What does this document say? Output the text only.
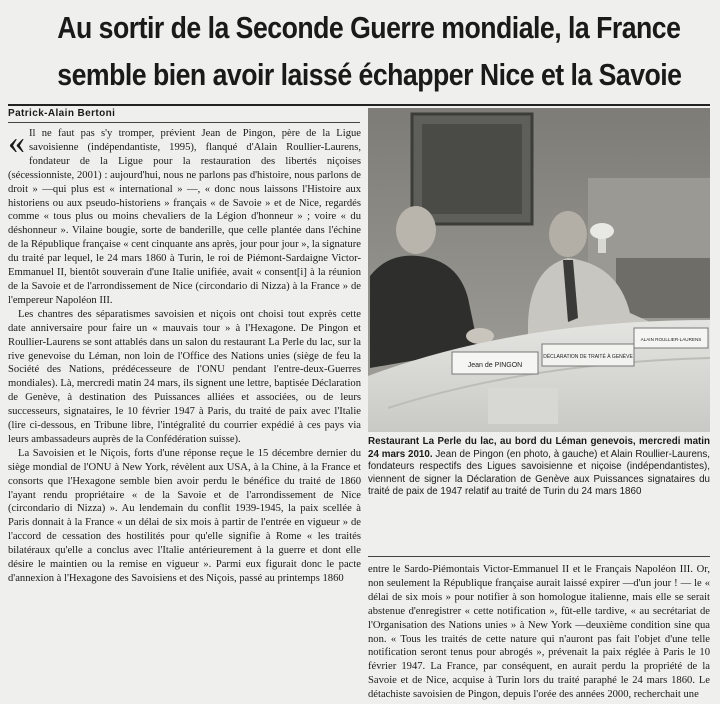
Au sortir de la Seconde Guerre mondiale, la France
semble bien avoir laissé échapper Nice et la Savoie
Patrick-Alain Bertoni

« Il ne faut pas s'y tromper, prévient Jean de Pingon, père de la Ligue savoisienne (indépendantiste, 1995), flanqué d'Alain Roullier-Laurens, fondateur de la Ligue pour la restauration des libertés niçoises (sécessionniste, 2001) : aujourd'hui, nous ne parlons pas d'histoire, nous parlons de droit » —qui plus est « international » —, « donc nous laissons l'Histoire aux historiens ou aux pseudo-historiens » français « de Savoie » et de Nice, regardés comme « tous plus ou moins chevaliers de la Légion d'honneur » ; voire « du déshonneur ». Vilaine bougie, sorte de banderille, que celle plantée dans l'échine de la République française « cent cinquante ans après, jour pour jour », la signature du traité par lequel, le 24 mars 1860 à Turin, le roi de Piémont-Sardaigne Victor-Emmanuel II, bientôt souverain d'une Italie unifiée, avait « consent[i] à la réunion de la Savoie et de l'arrondissement de Nice (circondario di Nizza) à la France » de l'empereur Napoléon III.

Les chantres des séparatismes savoisien et niçois ont choisi tout exprès cette date anniversaire pour faire un « mauvais tour » à l'Hexagone. De Pingon et Roullier-Laurens se sont attablés dans un salon du restaurant La Perle du lac, sur la rive genevoise du Léman, non loin de l'Office des Nations unies (siège de feu la Société des Nations, prédécesseure de l'ONU pendant l'entre-deux-Guerres mondiales). Là, mercredi matin 24 mars, ils signent une lettre, baptisée Déclaration de Genève, à destination des Puissances alliées et associées, ou de leurs successeurs, signataires, le 10 février 1947 à Paris, du traité de paix avec l'Italie (lire ci-dessous, en Tribune libre, l'intégralité du courrier expédié à ces pays via leurs ambassadeurs auprès de la Confédération suisse).

La Savoisien et le Niçois, forts d'une réponse reçue le 15 décembre dernier du siège mondial de l'ONU à New York, révèlent aux USA, à la Chine, à la France et consorts que l'Hexagone semble bien avoir perdu le bénéfice du traité de 1860 l'ayant rendu propriétaire « de la Savoie et de l'arrondissement de Nice (circondario di Nizza) ». Au lendemain du conflit 1939-1945, la paix scellée à Paris donnait à la France « un délai de six mois à partir de l'entrée en vigueur » de l'accord de cessation des hostilités pour qu'elle signifie à Rome « les traités bilatéraux qu'elle a conclus avec l'Italie antérieurement à la guerre et dont elle désire le maintien ou la remise en vigueur ». Parmi eux figurait donc le pacte d'annexion à l'Hexagone des Savoisiens et des Niçois, passé au printemps 1860

Jean de PINGON
DÉCLARATION DE TRAITÉ À GENÈVE
ALAIN ROULLIER-LAURENS
Restaurant La Perle du lac, au bord du Léman genevois, mercredi matin 24 mars 2010. Jean de Pingon (en photo, à gauche) et Alain Roullier-Laurens, fondateurs respectifs des Ligues savoisienne et niçoise (indépendantistes), viennent de signer la Déclaration de Genève aux Puissances signataires du traité de paix de 1947 relatif au traité de Turin du 24 mars 1860

entre le Sardo-Piémontais Victor-Emmanuel II et le Français Napoléon III. Or, non seulement la République française aurait laissé expirer —d'un jour ! — le « délai de six mois » pour notifier à son homologue italienne, mais elle se serait abstenue d'enregistrer « cette notification », fût-elle tardive, « au secrétariat de l'Organisation des Nations unies » à New York —deuxième condition sine qua non. « Tous les traités de cette nature qui n'auront pas fait l'objet d'une telle notification seront tenus pour abrogés », prévenait la paix réglée à Paris le 10 février 1947. La France, par conséquent, en aurait perdu la propriété de la Savoie et de Nice, acquise à Turin lors du traité paraphé le 24 mars 1860. Le détachiste savoisien de Pingon, depuis l'orée des années 2000, recherchait une
